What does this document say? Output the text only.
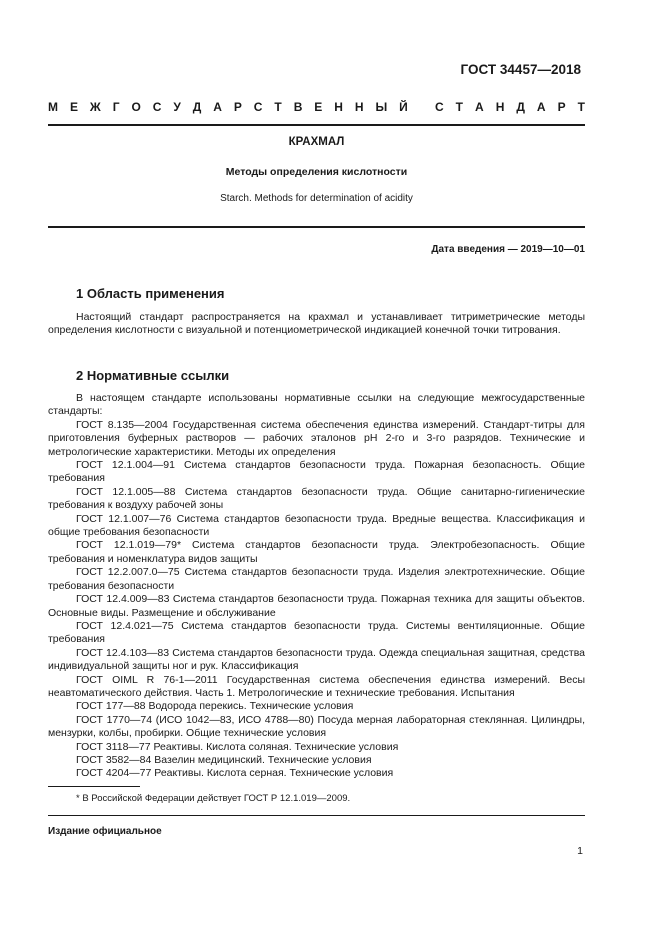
ГОСТ 34457—2018
М Е Ж Г О С У Д А Р С Т В Е Н Н Ы Й С Т А Н Д А Р Т
КРАХМАЛ
Методы определения кислотности
Starch. Methods for determination of acidity
Дата введения — 2019—10—01
1 Область применения

Настоящий стандарт распространяется на крахмал и устанавливает титриметрические методы определения кислотности с визуальной и потенциометрической индикацией конечной точки титрования.

2 Нормативные ссылки

В настоящем стандарте использованы нормативные ссылки на следующие межгосударственные стандарты:

ГОСТ 8.135—2004 Государственная система обеспечения единства измерений. Стандарт-титры для приготовления буферных растворов — рабочих эталонов рН 2-го и 3-го разрядов. Технические и метрологические характеристики. Методы их определения

ГОСТ 12.1.004—91 Система стандартов безопасности труда. Пожарная безопасность. Общие требования

ГОСТ 12.1.005—88 Система стандартов безопасности труда. Общие санитарно-гигиенические требования к воздуху рабочей зоны

ГОСТ 12.1.007—76 Система стандартов безопасности труда. Вредные вещества. Классификация и общие требования безопасности

ГОСТ 12.1.019—79* Система стандартов безопасности труда. Электробезопасность. Общие требования и номенклатура видов защиты

ГОСТ 12.2.007.0—75 Система стандартов безопасности труда. Изделия электротехнические. Общие требования безопасности

ГОСТ 12.4.009—83 Система стандартов безопасности труда. Пожарная техника для защиты объектов. Основные виды. Размещение и обслуживание

ГОСТ 12.4.021—75 Система стандартов безопасности труда. Системы вентиляционные. Общие требования

ГОСТ 12.4.103—83 Система стандартов безопасности труда. Одежда специальная защитная, средства индивидуальной защиты ног и рук. Классификация

ГОСТ OIML R 76-1—2011 Государственная система обеспечения единства измерений. Весы неавтоматического действия. Часть 1. Метрологические и технические требования. Испытания

ГОСТ 177—88 Водорода перекись. Технические условия

ГОСТ 1770—74 (ИСО 1042—83, ИСО 4788—80) Посуда мерная лабораторная стеклянная. Цилиндры, мензурки, колбы, пробирки. Общие технические условия

ГОСТ 3118—77 Реактивы. Кислота соляная. Технические условия

ГОСТ 3582—84 Вазелин медицинский. Технические условия

ГОСТ 4204—77 Реактивы. Кислота серная. Технические условия

* В Российской Федерации действует ГОСТ Р 12.1.019—2009.
Издание официальное
1
